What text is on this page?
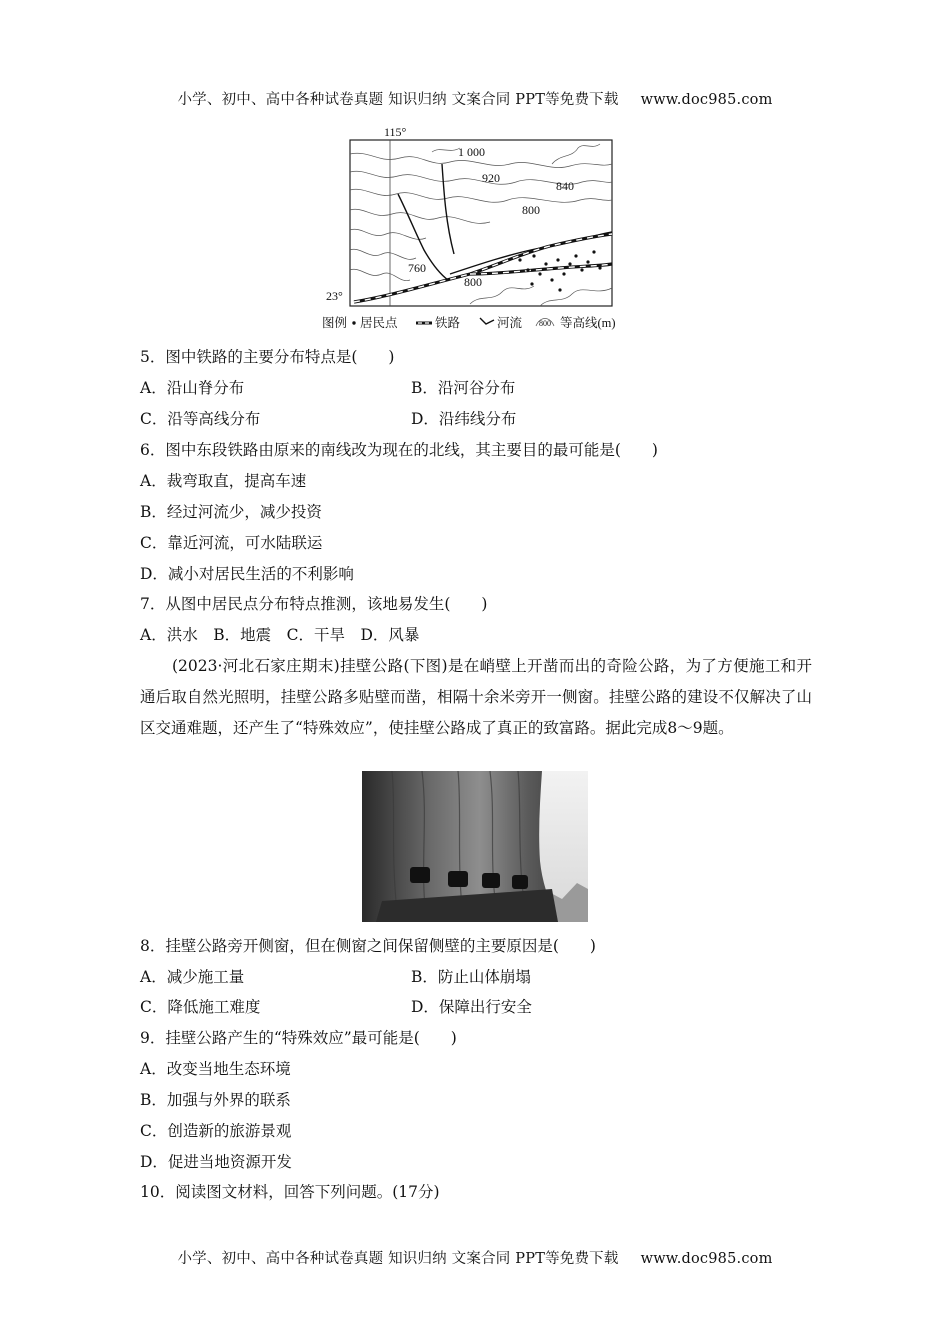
小学、初中、高中各种试卷真题 知识归纳 文案合同 PPT等免费下载 www.doc985.com
115°
23°
1 000
920
840
800
760
800
图例 居民点	铁路	河流 800 等高线(m)
5．图中铁路的主要分布特点是(　　)
A．沿山脊分布	B．沿河谷分布
C．沿等高线分布	D．沿纬线分布
6．图中东段铁路由原来的南线改为现在的北线，其主要目的最可能是(　　)
A．裁弯取直，提高车速
B．经过河流少，减少投资
C．靠近河流，可水陆联运
D．减小对居民生活的不利影响
7．从图中居民点分布特点推测，该地易发生(　　)
A．洪水　B．地震　C．干旱　D．风暴
(2023·河北石家庄期末)挂壁公路(下图)是在峭壁上开凿而出的奇险公路，为了方便施工和开通后取自然光照明，挂壁公路多贴壁而凿，相隔十余米旁开一侧窗。挂壁公路的建设不仅解决了山区交通难题，还产生了“特殊效应”，使挂壁公路成了真正的致富路。据此完成8～9题。
8．挂壁公路旁开侧窗，但在侧窗之间保留侧壁的主要原因是(　　)
A．减少施工量	B．防止山体崩塌
C．降低施工难度	D．保障出行安全
9．挂壁公路产生的“特殊效应”最可能是(　　)
A．改变当地生态环境
B．加强与外界的联系
C．创造新的旅游景观
D．促进当地资源开发
10．阅读图文材料，回答下列问题。(17分)
小学、初中、高中各种试卷真题 知识归纳 文案合同 PPT等免费下载 www.doc985.com
